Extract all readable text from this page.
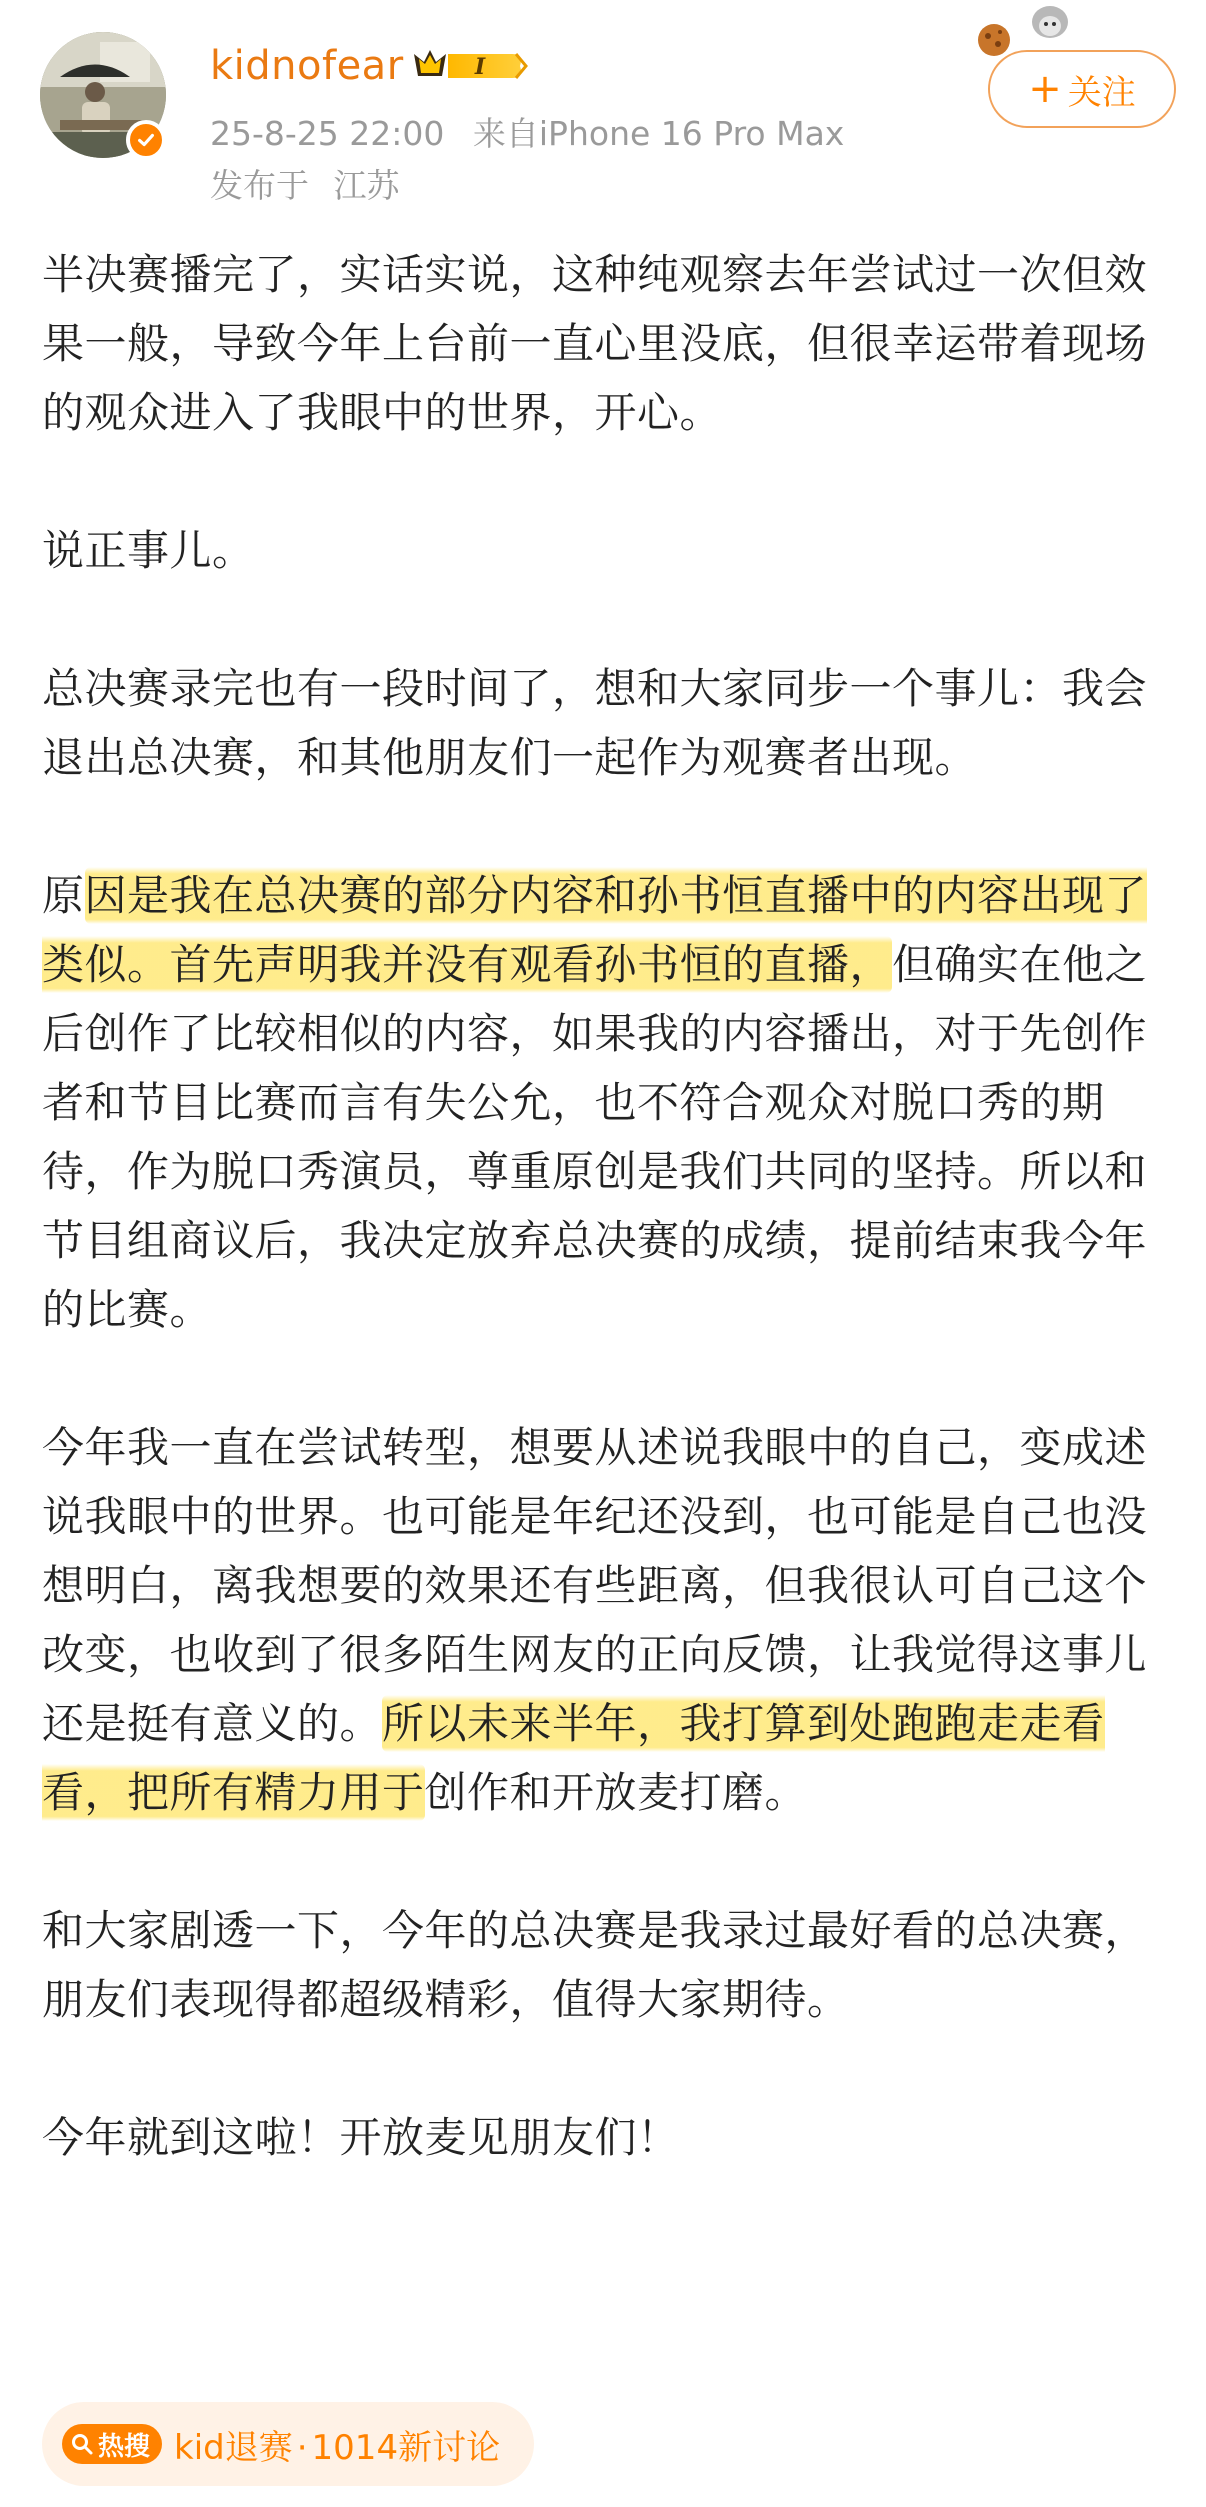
kidnofear	I
25-8-25 22:00 来自iPhone 16 Pro Max
发布于 江苏
+ 关注

半决赛播完了，实话实说，这种纯观察去年尝试过一次但效果一般，导致今年上台前一直心里没底，但很幸运带着现场的观众进入了我眼中的世界，开心。

说正事儿。

总决赛录完也有一段时间了，想和大家同步一个事儿：我会退出总决赛，和其他朋友们一起作为观赛者出现。

原因是我在总决赛的部分内容和孙书恒直播中的内容出现了类似。首先声明我并没有观看孙书恒的直播，但确实在他之后创作了比较相似的内容，如果我的内容播出，对于先创作者和节目比赛而言有失公允，也不符合观众对脱口秀的期待，作为脱口秀演员，尊重原创是我们共同的坚持。所以和节目组商议后，我决定放弃总决赛的成绩，提前结束我今年的比赛。

今年我一直在尝试转型，想要从述说我眼中的自己，变成述说我眼中的世界。也可能是年纪还没到，也可能是自己也没想明白，离我想要的效果还有些距离，但我很认可自己这个改变，也收到了很多陌生网友的正向反馈，让我觉得这事儿还是挺有意义的。所以未来半年，我打算到处跑跑走走看看，把所有精力用于创作和开放麦打磨。

和大家剧透一下，今年的总决赛是我录过最好看的总决赛，朋友们表现得都超级精彩，值得大家期待。

今年就到这啦！开放麦见朋友们！

热搜 kid退赛 · 1014新讨论
